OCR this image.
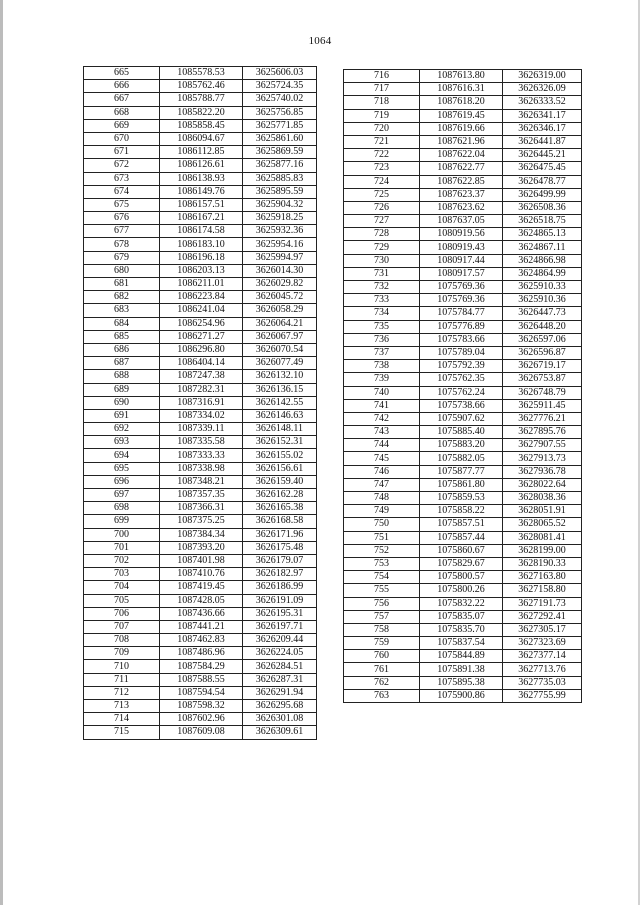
1064
665	1085578.53	3625606.03
666	1085762.46	3625724.35
667	1085788.77	3625740.02
668	1085822.20	3625756.85
669	1085858.45	3625771.85
670	1086094.67	3625861.60
671	1086112.85	3625869.59
672	1086126.61	3625877.16
673	1086138.93	3625885.83
674	1086149.76	3625895.59
675	1086157.51	3625904.32
676	1086167.21	3625918.25
677	1086174.58	3625932.36
678	1086183.10	3625954.16
679	1086196.18	3625994.97
680	1086203.13	3626014.30
681	1086211.01	3626029.82
682	1086223.84	3626045.72
683	1086241.04	3626058.29
684	1086254.96	3626064.21
685	1086271.27	3626067.97
686	1086296.80	3626070.54
687	1086404.14	3626077.49
688	1087247.38	3626132.10
689	1087282.31	3626136.15
690	1087316.91	3626142.55
691	1087334.02	3626146.63
692	1087339.11	3626148.11
693	1087335.58	3626152.31
694	1087333.33	3626155.02
695	1087338.98	3626156.61
696	1087348.21	3626159.40
697	1087357.35	3626162.28
698	1087366.31	3626165.38
699	1087375.25	3626168.58
700	1087384.34	3626171.96
701	1087393.20	3626175.48
702	1087401.98	3626179.07
703	1087410.76	3626182.97
704	1087419.45	3626186.99
705	1087428.05	3626191.09
706	1087436.66	3626195.31
707	1087441.21	3626197.71
708	1087462.83	3626209.44
709	1087486.96	3626224.05
710	1087584.29	3626284.51
711	1087588.55	3626287.31
712	1087594.54	3626291.94
713	1087598.32	3626295.68
714	1087602.96	3626301.08
715	1087609.08	3626309.61
716	1087613.80	3626319.00
717	1087616.31	3626326.09
718	1087618.20	3626333.52
719	1087619.45	3626341.17
720	1087619.66	3626346.17
721	1087621.96	3626441.87
722	1087622.04	3626445.21
723	1087622.77	3626475.45
724	1087622.85	3626478.77
725	1087623.37	3626499.99
726	1087623.62	3626508.36
727	1087637.05	3626518.75
728	1080919.56	3624865.13
729	1080919.43	3624867.11
730	1080917.44	3624866.98
731	1080917.57	3624864.99
732	1075769.36	3625910.33
733	1075769.36	3625910.36
734	1075784.77	3626447.73
735	1075776.89	3626448.20
736	1075783.66	3626597.06
737	1075789.04	3626596.87
738	1075792.39	3626719.17
739	1075762.35	3626753.87
740	1075762.24	3626748.79
741	1075738.66	3625911.45
742	1075907.62	3627776.21
743	1075885.40	3627895.76
744	1075883.20	3627907.55
745	1075882.05	3627913.73
746	1075877.77	3627936.78
747	1075861.80	3628022.64
748	1075859.53	3628038.36
749	1075858.22	3628051.91
750	1075857.51	3628065.52
751	1075857.44	3628081.41
752	1075860.67	3628199.00
753	1075829.67	3628190.33
754	1075800.57	3627163.80
755	1075800.26	3627158.80
756	1075832.22	3627191.73
757	1075835.07	3627292.41
758	1075835.70	3627305.17
759	1075837.54	3627323.69
760	1075844.89	3627377.14
761	1075891.38	3627713.76
762	1075895.38	3627735.03
763	1075900.86	3627755.99
